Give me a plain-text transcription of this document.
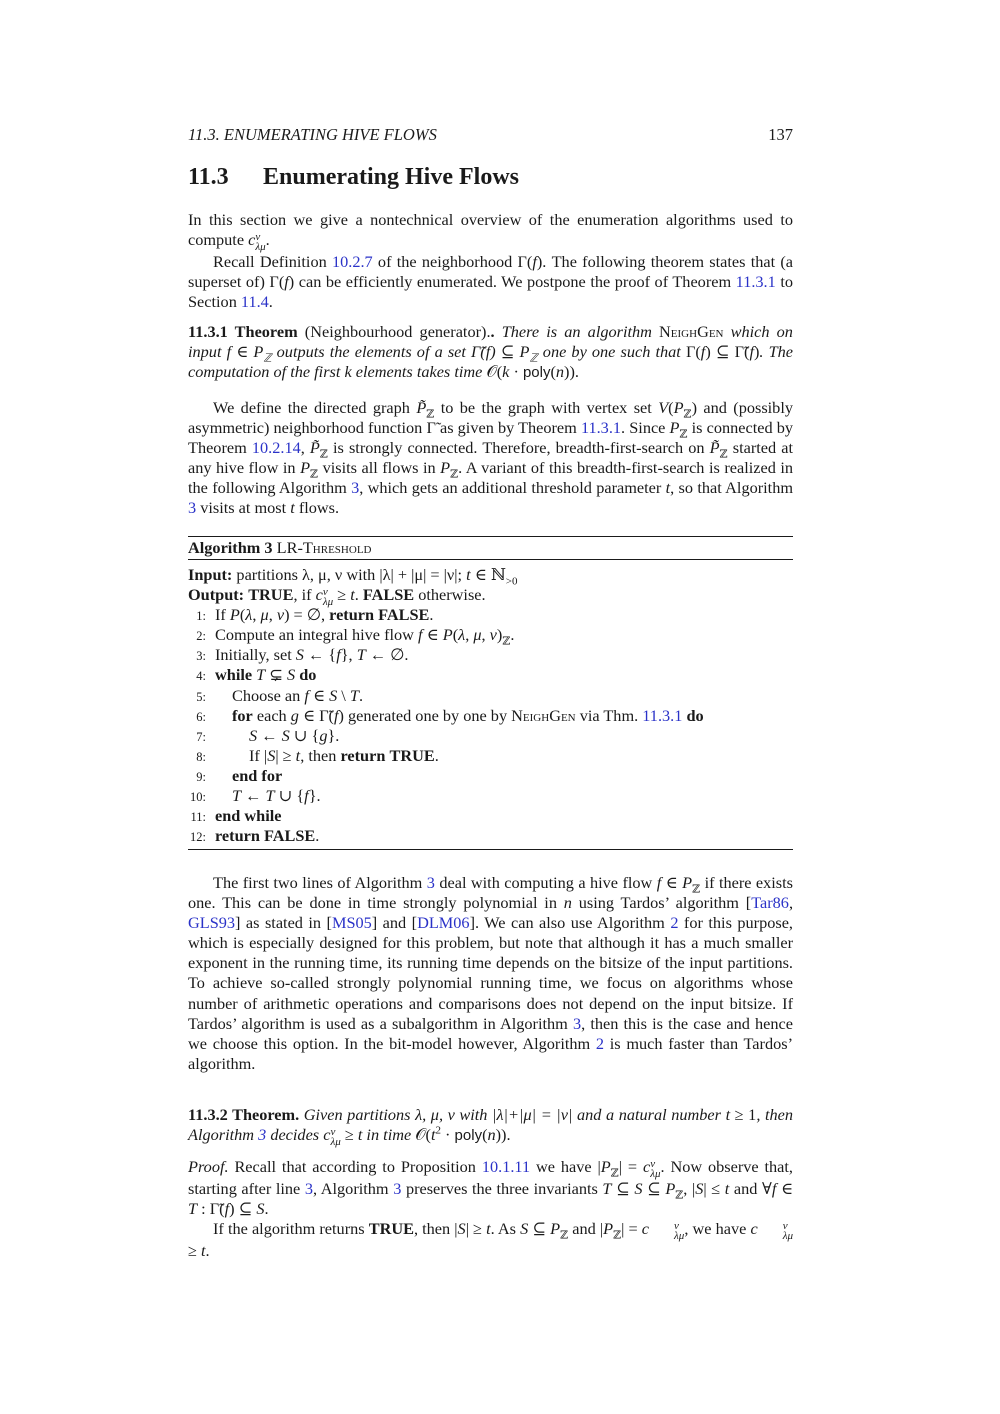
11.3. ENUMERATING HIVE FLOWS	137
11.3 Enumerating Hive Flows

In this section we give a nontechnical overview of the enumeration algorithms used to compute c ν
λμ .

Recall Definition 10.2.7 of the neighborhood Γ(f). The following theorem states that (a superset of) Γ(f) can be efficiently enumerated. We postpone the proof of Theorem 11.3.1 to Section 11.4.

11.3.1 Theorem (Neighbourhood generator).. There is an algorithm NeighGen which on input f ∈ $P_ℤ$ outputs the elements of a set Γ̃(f) ⊆ $P_ℤ$ one by one such that Γ(f) ⊆ Γ̃(f). The computation of the first k elements takes time 𝒪(k · poly(n)).

We define the directed graph $P̃_ℤ$ to be the graph with vertex set $V(P_ℤ)$ and (possibly asymmetric) neighborhood function Γ̃ as given by Theorem 11.3.1. Since $P_ℤ$ is connected by Theorem 10.2.14, $P̃_ℤ$ is strongly connected. Therefore, breadth-first-search on $P̃_ℤ$ started at any hive flow in $P_ℤ$ visits all flows in $P_ℤ$. A variant of this breadth-first-search is realized in the following Algorithm 3, which gets an additional threshold parameter t, so that Algorithm 3 visits at most t flows.

Algorithm 3 LR-Threshold
Input: partitions λ, μ, ν with |λ| + |μ| = |ν|; t ∈ ℕ$_{>0}$
Output: TRUE, if c ν
λμ ≥ t. FALSE otherwise.
1: If P(λ, μ, ν) = ∅, return FALSE.
2: Compute an integral hive flow f ∈ P(λ, μ, $\nu)_ℤ$.
3: Initially, set S ← {f}, T ← ∅.
4: while T ⊊ S do
5: Choose an f ∈ S \ T.
6: for each g ∈ Γ̃(f) generated one by one by NeighGen via Thm. 11.3.1 do
7:	S ← S ∪ {g}.
8:	If |S| ≥ t, then return TRUE.
9: end for
10: T ← T ∪ {f}.
11: end while
12: return FALSE.

The first two lines of Algorithm 3 deal with computing a hive flow f ∈ $P_ℤ$ if there exists one. This can be done in time strongly polynomial in n using Tardos’ algorithm [Tar86, GLS93] as stated in [MS05] and [DLM06]. We can also use Algorithm 2 for this purpose, which is especially designed for this problem, but note that although it has a much smaller exponent in the running time, its running time depends on the bitsize of the input partitions. To achieve so-called strongly polynomial running time, we focus on algorithms whose number of arithmetic operations and comparisons does not depend on the input bitsize. If Tardos’ algorithm is used as a subalgorithm in Algorithm 3, then this is the case and hence we choose this option. In the bit-model however, Algorithm 2 is much faster than Tardos’ algorithm.

11.3.2 Theorem. Given partitions λ, μ, ν with |λ|+|μ| = |ν| and a natural number t ≥ 1, then Algorithm 3 decides c ν
λμ ≥ t in time $𝒪(t^2$ · poly(n)).

Proof. Recall that according to Proposition 10.1.11 we have $|P_ℤ| = c$ ν
λμ . Now observe that, starting after line 3, Algorithm 3 preserves the three invariants T ⊆ S ⊆ $P_ℤ$, |S| ≤ t and ∀f ∈ T : Γ̃(f) ⊆ S.

If the algorithm returns TRUE, then |S| ≥ t. As S ⊆ $P_ℤ$ and $|P_ℤ| = c$	ν
λμ , we have c	ν
λμ
≥ t.
